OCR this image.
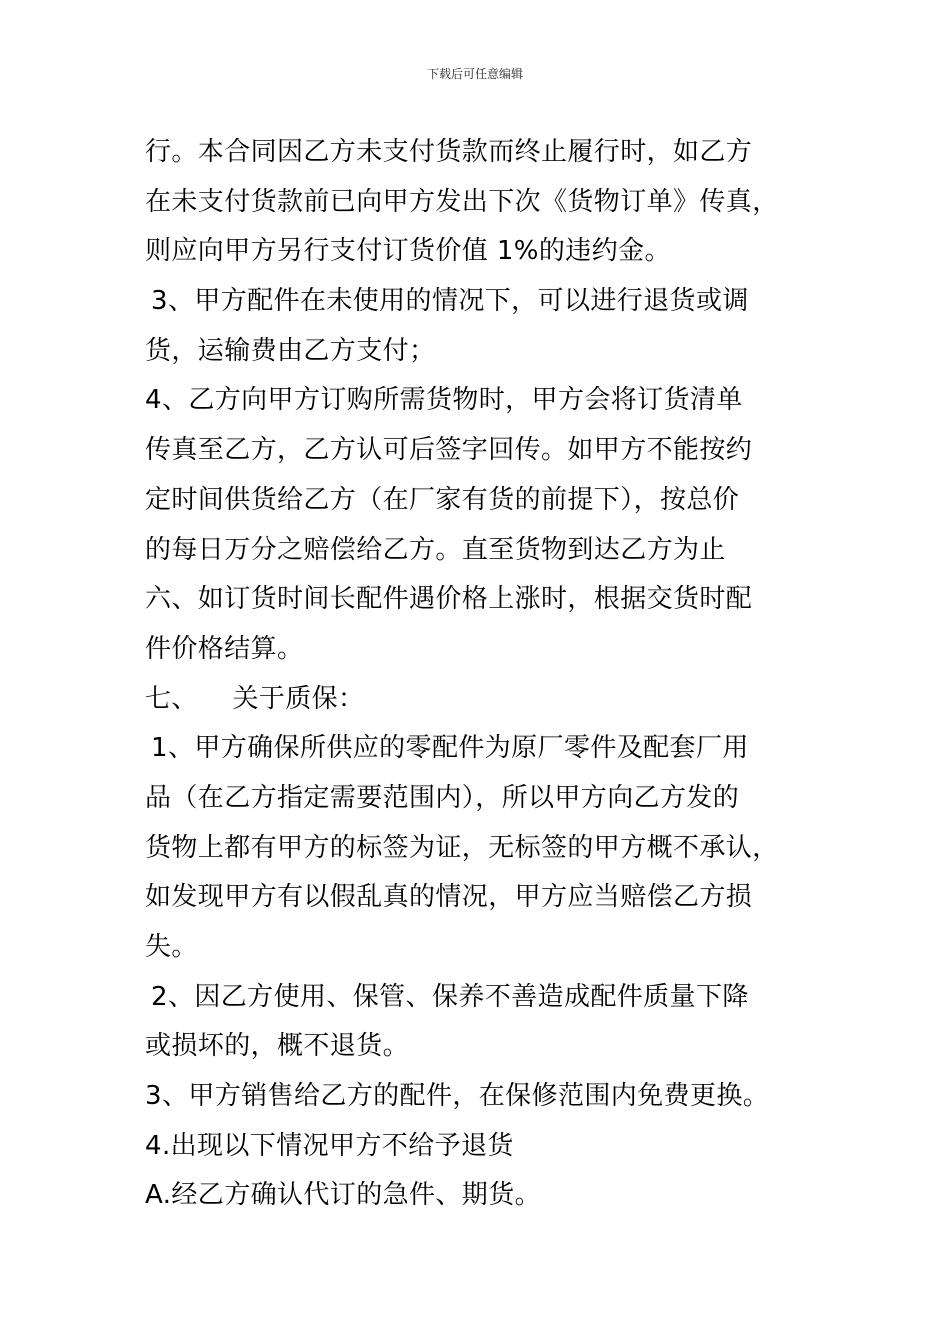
下载后可任意编辑
行。本合同因乙方未支付货款而终止履行时，如乙方
在未支付货款前已向甲方发出下次《货物订单》传真，
则应向甲方另行支付订货价值 1%的违约金。
3、甲方配件在未使用的情况下，可以进行退货或调
货，运输费由乙方支付；
4、乙方向甲方订购所需货物时，甲方会将订货清单
传真至乙方，乙方认可后签字回传。如甲方不能按约
定时间供货给乙方（在厂家有货的前提下），按总价
的每日万分之赔偿给乙方。直至货物到达乙方为止
六、如订货时间长配件遇价格上涨时，根据交货时配
件价格结算。
七、    关于质保：
1、甲方确保所供应的零配件为原厂零件及配套厂用
品（在乙方指定需要范围内），所以甲方向乙方发的
货物上都有甲方的标签为证，无标签的甲方概不承认，
如发现甲方有以假乱真的情况，甲方应当赔偿乙方损
失。
2、因乙方使用、保管、保养不善造成配件质量下降
或损坏的，概不退货。
3、甲方销售给乙方的配件，在保修范围内免费更换。
4.出现以下情况甲方不给予退货
A.经乙方确认代订的急件、期货。
